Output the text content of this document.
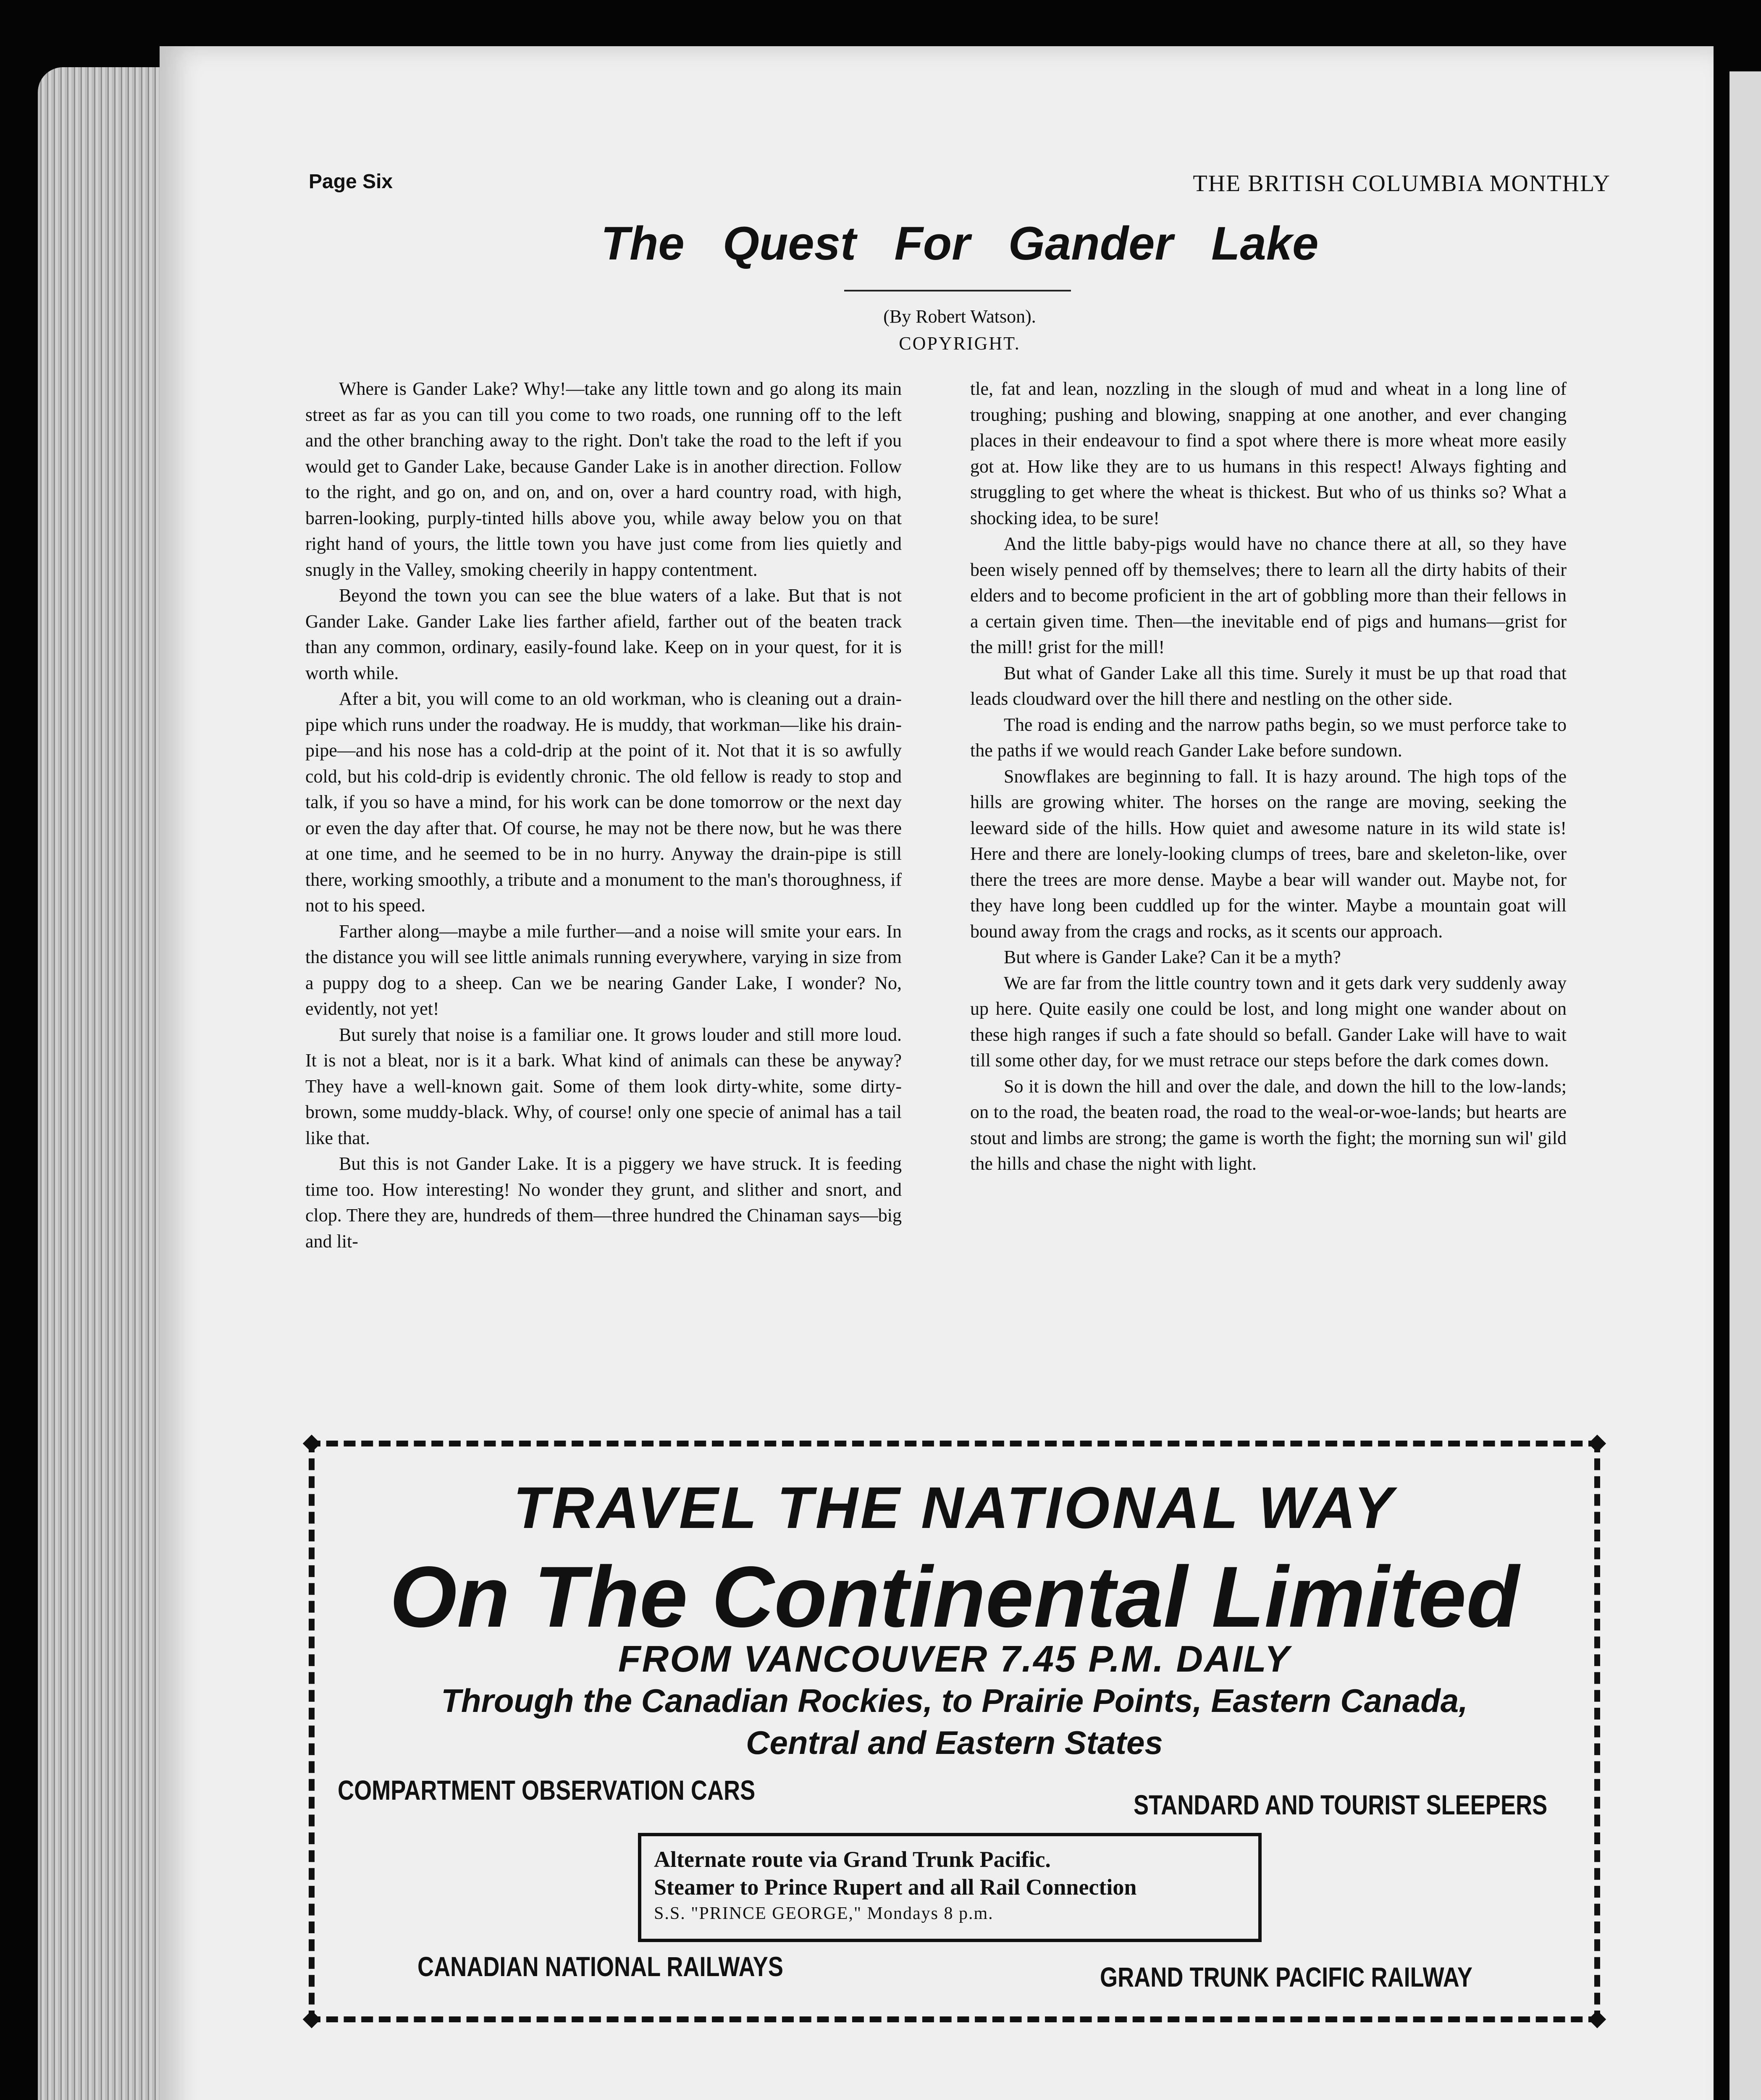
Page Six	THE BRITISH COLUMBIA MONTHLY
The Quest For Gander Lake
(By Robert Watson).
COPYRIGHT.

Where is Gander Lake? Why!—take any little town and go along its main street as far as you can till you come to two roads, one running off to the left and the other branching away to the right. Don't take the road to the left if you would get to Gander Lake, because Gander Lake is in another direction. Follow to the right, and go on, and on, and on, over a hard country road, with high, barren-looking, purply-tinted hills above you, while away below you on that right hand of yours, the little town you have just come from lies quietly and snugly in the Valley, smoking cheerily in happy contentment.

Beyond the town you can see the blue waters of a lake. But that is not Gander Lake. Gander Lake lies farther afield, farther out of the beaten track than any common, ordinary, easily-found lake. Keep on in your quest, for it is worth while.

After a bit, you will come to an old workman, who is cleaning out a drain-pipe which runs under the roadway. He is muddy, that workman—like his drain-pipe—and his nose has a cold-drip at the point of it. Not that it is so awfully cold, but his cold-drip is evidently chronic. The old fellow is ready to stop and talk, if you so have a mind, for his work can be done tomorrow or the next day or even the day after that. Of course, he may not be there now, but he was there at one time, and he seemed to be in no hurry. Anyway the drain-pipe is still there, working smoothly, a tribute and a monument to the man's thoroughness, if not to his speed.

Farther along—maybe a mile further—and a noise will smite your ears. In the distance you will see little animals running everywhere, varying in size from a puppy dog to a sheep. Can we be nearing Gander Lake, I wonder? No, evidently, not yet!

But surely that noise is a familiar one. It grows louder and still more loud. It is not a bleat, nor is it a bark. What kind of animals can these be anyway? They have a well-known gait. Some of them look dirty-white, some dirty-brown, some muddy-black. Why, of course! only one specie of animal has a tail like that.

But this is not Gander Lake. It is a piggery we have struck. It is feeding time too. How interesting! No wonder they grunt, and slither and snort, and clop. There they are, hundreds of them—three hundred the Chinaman says—big and lit-

tle, fat and lean, nozzling in the slough of mud and wheat in a long line of troughing; pushing and blowing, snapping at one another, and ever changing places in their endeavour to find a spot where there is more wheat more easily got at. How like they are to us humans in this respect! Always fighting and struggling to get where the wheat is thickest. But who of us thinks so? What a shocking idea, to be sure!

And the little baby-pigs would have no chance there at all, so they have been wisely penned off by themselves; there to learn all the dirty habits of their elders and to become proficient in the art of gobbling more than their fellows in a certain given time. Then—the inevitable end of pigs and humans—grist for the mill! grist for the mill!

But what of Gander Lake all this time. Surely it must be up that road that leads cloudward over the hill there and nestling on the other side.

The road is ending and the narrow paths begin, so we must perforce take to the paths if we would reach Gander Lake before sundown.

Snowflakes are beginning to fall. It is hazy around. The high tops of the hills are growing whiter. The horses on the range are moving, seeking the leeward side of the hills. How quiet and awesome nature in its wild state is! Here and there are lonely-looking clumps of trees, bare and skeleton-like, over there the trees are more dense. Maybe a bear will wander out. Maybe not, for they have long been cuddled up for the winter. Maybe a mountain goat will bound away from the crags and rocks, as it scents our approach.

But where is Gander Lake? Can it be a myth?

We are far from the little country town and it gets dark very suddenly away up here. Quite easily one could be lost, and long might one wander about on these high ranges if such a fate should so befall. Gander Lake will have to wait till some other day, for we must retrace our steps before the dark comes down.

So it is down the hill and over the dale, and down the hill to the low-lands; on to the road, the beaten road, the road to the weal-or-woe-lands; but hearts are stout and limbs are strong; the game is worth the fight; the morning sun wil' gild the hills and chase the night with light.

TRAVEL THE NATIONAL WAY
On The Continental Limited
FROM VANCOUVER 7.45 P.M. DAILY
Through the Canadian Rockies, to Prairie Points, Eastern Canada,
Central and Eastern States
COMPARTMENT OBSERVATION CARS	STANDARD AND TOURIST SLEEPERS
Alternate route via Grand Trunk Pacific.
Steamer to Prince Rupert and all Rail Connection
S.S. "PRINCE GEORGE," Mondays 8 p.m.
CANADIAN NATIONAL RAILWAYS	GRAND TRUNK PACIFIC RAILWAY
